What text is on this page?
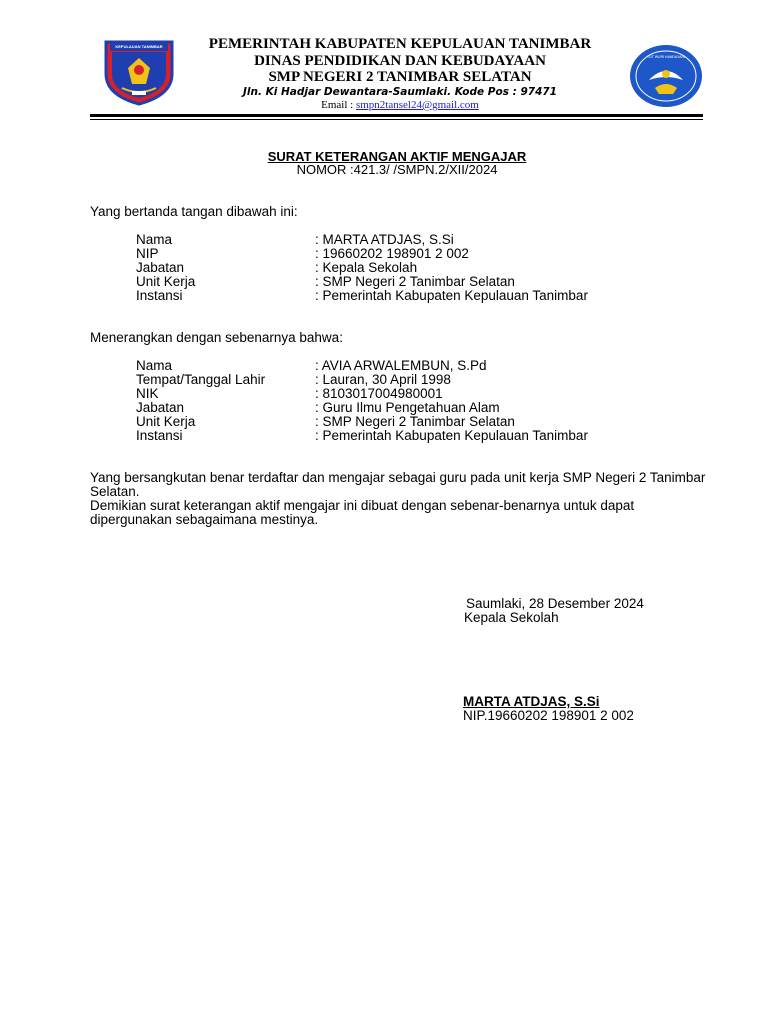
KEPULAUAN TANIMBAR
TUT WURI HANDAYANI
PEMERINTAH KABUPATEN KEPULAUAN TANIMBAR
DINAS PENDIDIKAN DAN KEBUDAYAAN
SMP NEGERI 2 TANIMBAR SELATAN
Jln. Ki Hadjar Dewantara-Saumlaki. Kode Pos : 97471
Email : smpn2tansel24@gmail.com
SURAT KETERANGAN AKTIF MENGAJAR
NOMOR :421.3/ /SMPN.2/XII/2024
Yang bertanda tangan dibawah ini:
Nama	: MARTA ATDJAS, S.Si
NIP	: 19660202 198901 2 002
Jabatan	: Kepala Sekolah
Unit Kerja	: SMP Negeri 2 Tanimbar Selatan
Instansi	: Pemerintah Kabupaten Kepulauan Tanimbar
Menerangkan dengan sebenarnya bahwa:
Nama	: AVIA ARWALEMBUN, S.Pd
Tempat/Tanggal Lahir	: Lauran, 30 April 1998
NIK	: 8103017004980001
Jabatan	: Guru Ilmu Pengetahuan Alam
Unit Kerja	: SMP Negeri 2 Tanimbar Selatan
Instansi	: Pemerintah Kabupaten Kepulauan Tanimbar
Yang bersangkutan benar terdaftar dan mengajar sebagai guru pada unit kerja SMP Negeri 2 Tanimbar Selatan.
Demikian surat keterangan aktif mengajar ini dibuat dengan sebenar-benarnya untuk dapat dipergunakan sebagaimana mestinya.
Saumlaki, 28 Desember 2024
Kepala Sekolah
MARTA ATDJAS, S.Si
NIP.19660202 198901 2 002
